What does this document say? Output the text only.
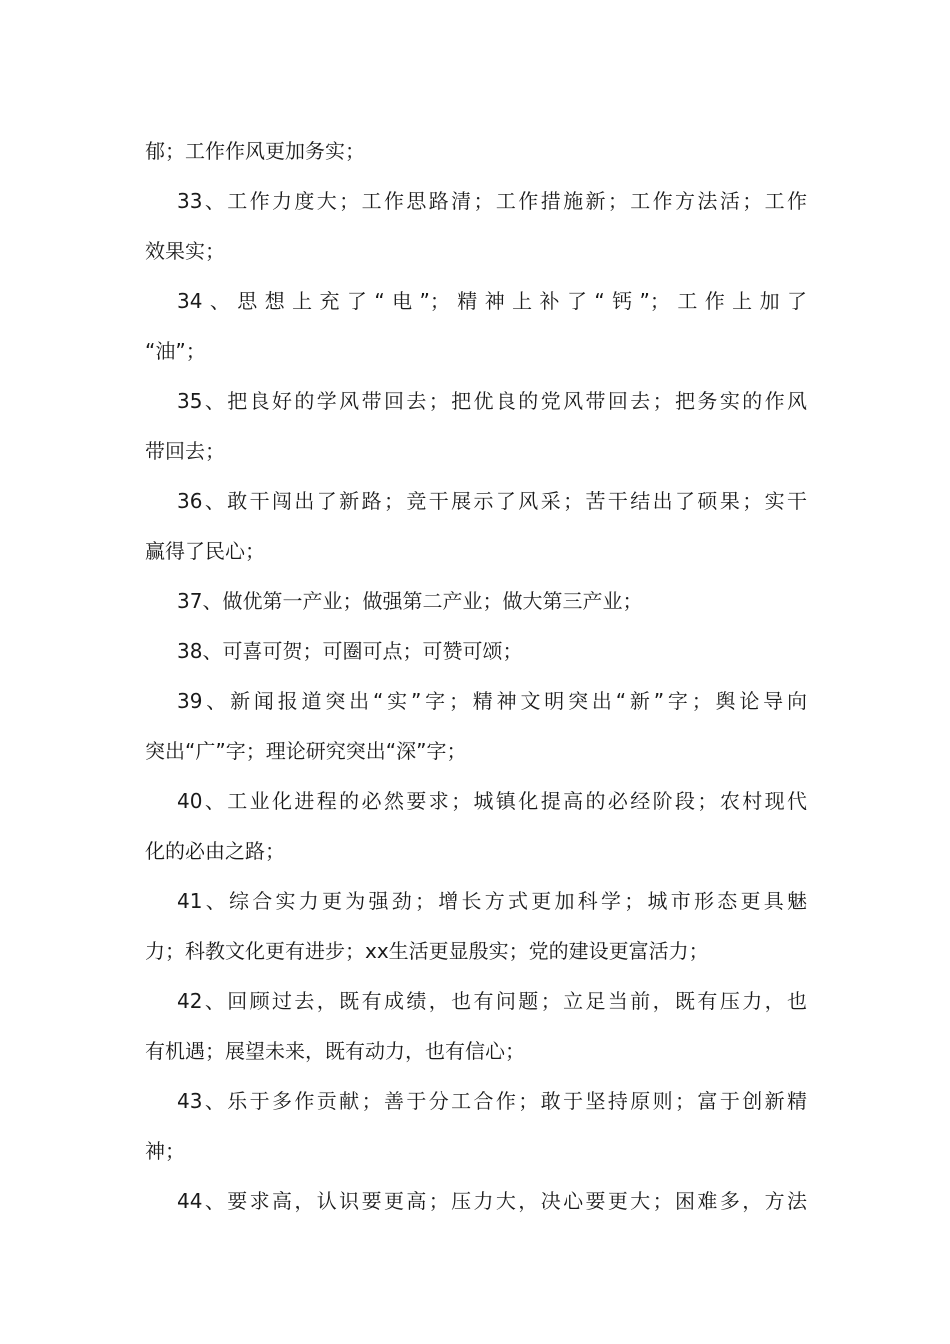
郁；工作作风更加务实；
33、工作力度大；工作思路清；工作措施新；工作方法活；工作
效果实；
34、思想上充了“电”；精神上补了“钙”；工作上加了
“油”；
35、把良好的学风带回去；把优良的党风带回去；把务实的作风
带回去；
36、敢干闯出了新路；竞干展示了风采；苦干结出了硕果；实干
赢得了民心；
37、做优第一产业；做强第二产业；做大第三产业；
38、可喜可贺；可圈可点；可赞可颂；
39、新闻报道突出“实”字；精神文明突出“新”字；舆论导向
突出“广”字；理论研究突出“深”字；
40、工业化进程的必然要求；城镇化提高的必经阶段；农村现代
化的必由之路；
41、综合实力更为强劲；增长方式更加科学；城市形态更具魅
力；科教文化更有进步；xx生活更显殷实；党的建设更富活力；
42、回顾过去，既有成绩，也有问题；立足当前，既有压力，也
有机遇；展望未来，既有动力，也有信心；
43、乐于多作贡献；善于分工合作；敢于坚持原则；富于创新精
神；
44、要求高，认识要更高；压力大，决心要更大；困难多，方法
